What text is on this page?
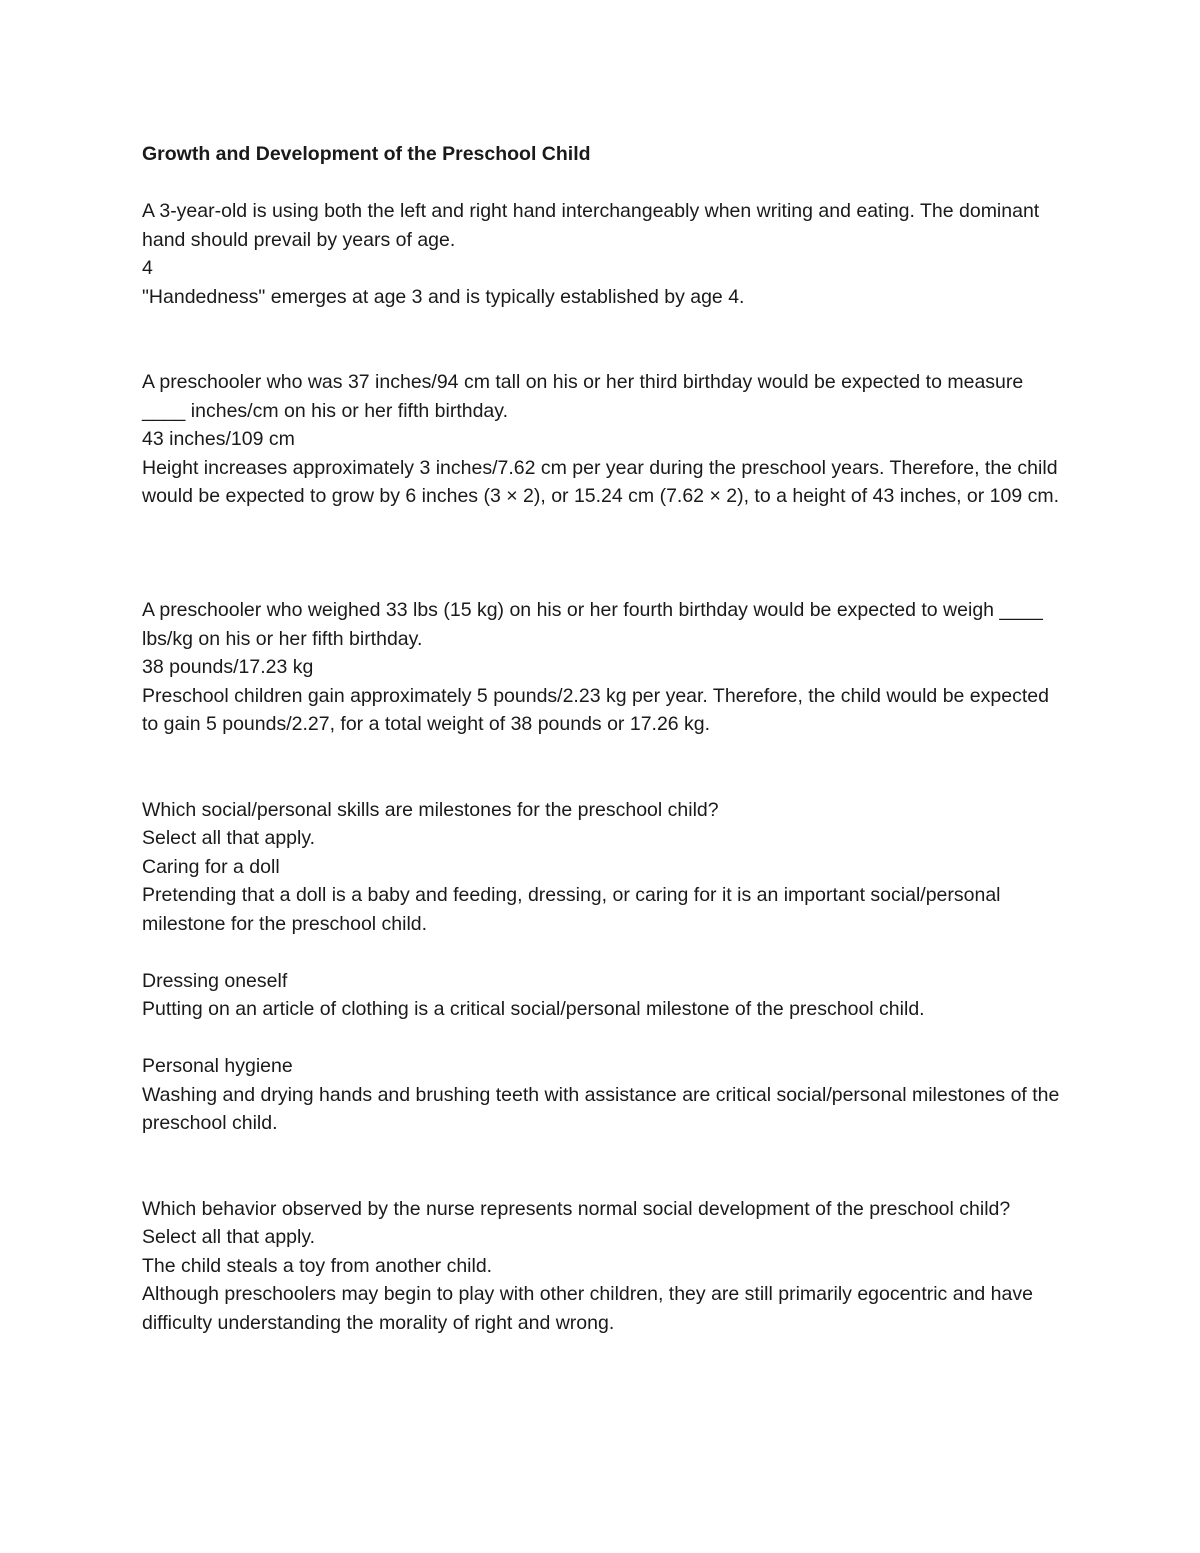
Growth and Development of the Preschool Child

A 3-year-old is using both the left and right hand interchangeably when writing and eating. The dominant hand should prevail by years of age.

4

"Handedness" emerges at age 3 and is typically established by age 4.

A preschooler who was 37 inches/94 cm tall on his or her third birthday would be expected to measure ____ inches/cm on his or her fifth birthday.

43 inches/109 cm

Height increases approximately 3 inches/7.62 cm per year during the preschool years. Therefore, the child would be expected to grow by 6 inches (3 × 2), or 15.24 cm (7.62 × 2), to a height of 43 inches, or 109 cm.

A preschooler who weighed 33 lbs (15 kg) on his or her fourth birthday would be expected to weigh ____ lbs/kg on his or her fifth birthday.

38 pounds/17.23 kg

Preschool children gain approximately 5 pounds/2.23 kg per year. Therefore, the child would be expected to gain 5 pounds/2.27, for a total weight of 38 pounds or 17.26 kg.

Which social/personal skills are milestones for the preschool child?

Select all that apply.

Caring for a doll

Pretending that a doll is a baby and feeding, dressing, or caring for it is an important social/personal milestone for the preschool child.

Dressing oneself

Putting on an article of clothing is a critical social/personal milestone of the preschool child.

Personal hygiene

Washing and drying hands and brushing teeth with assistance are critical social/personal milestones of the preschool child.

Which behavior observed by the nurse represents normal social development of the preschool child?

Select all that apply.

The child steals a toy from another child.

Although preschoolers may begin to play with other children, they are still primarily egocentric and have difficulty understanding the morality of right and wrong.
